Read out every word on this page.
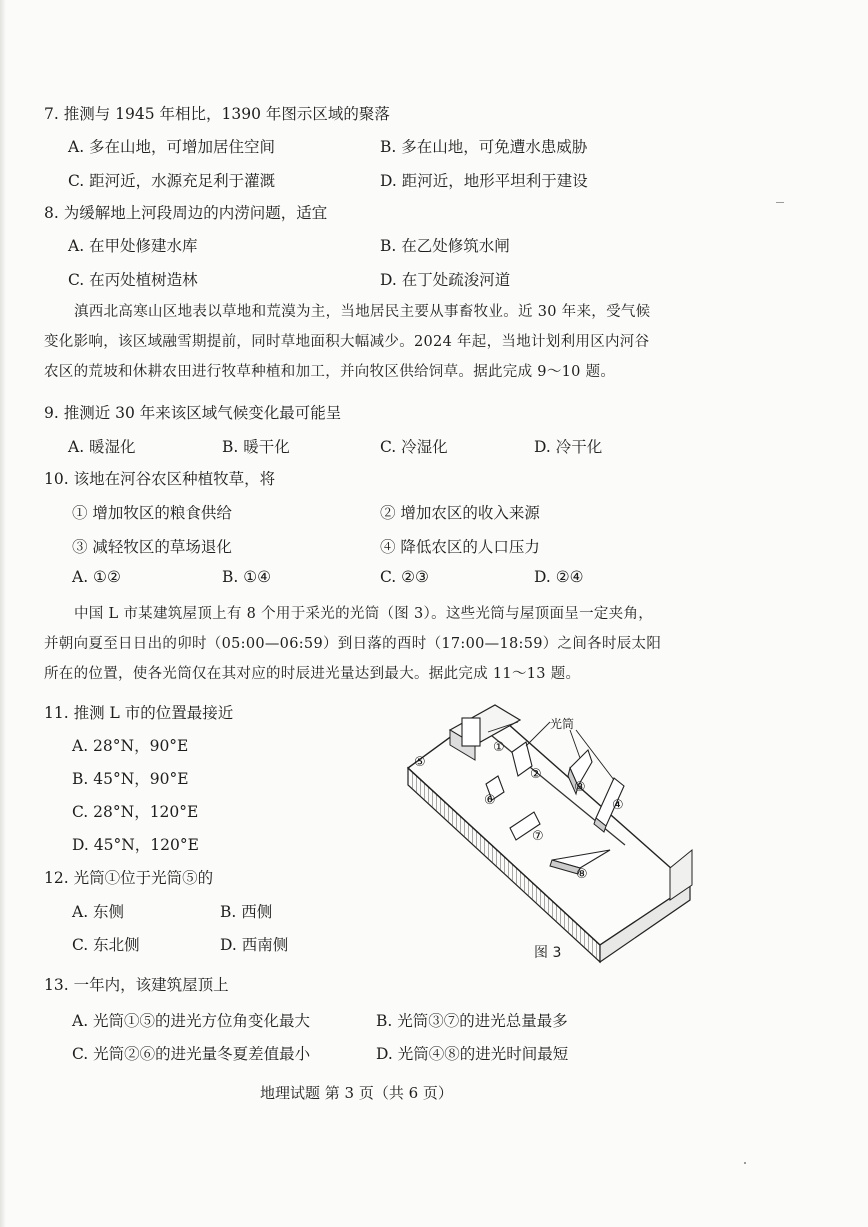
7. 推测与 1945 年相比，1390 年图示区域的聚落
A. 多在山地，可增加居住空间	B. 多在山地，可免遭水患威胁
C. 距河近，水源充足利于灌溉	D. 距河近，地形平坦利于建设
8. 为缓解地上河段周边的内涝问题，适宜
A. 在甲处修建水库	B. 在乙处修筑水闸
C. 在丙处植树造林	D. 在丁处疏浚河道
滇西北高寒山区地表以草地和荒漠为主，当地居民主要从事畜牧业。近 30 年来，受气候
变化影响，该区域融雪期提前，同时草地面积大幅减少。2024 年起，当地计划利用区内河谷
农区的荒坡和休耕农田进行牧草种植和加工，并向牧区供给饲草。据此完成 9～10 题。
9. 推测近 30 年来该区域气候变化最可能呈
A. 暖湿化	B. 暖干化	C. 冷湿化	D. 冷干化
10. 该地在河谷农区种植牧草，将
① 增加牧区的粮食供给	② 增加农区的收入来源
③ 减轻牧区的草场退化	④ 降低农区的人口压力
A. ①②	B. ①④	C. ②③	D. ②④
中国 L 市某建筑屋顶上有 8 个用于采光的光筒（图 3）。这些光筒与屋顶面呈一定夹角，
并朝向夏至日日出的卯时（05:00—06:59）到日落的酉时（17:00—18:59）之间各时辰太阳
所在的位置，使各光筒仅在其对应的时辰进光量达到最大。据此完成 11～13 题。
11. 推测 L 市的位置最接近
A. 28°N，90°E
B. 45°N，90°E
C. 28°N，120°E
D. 45°N，120°E
12. 光筒①位于光筒⑤的
A. 东侧	B. 西侧
C. 东北侧	D. 西南侧
光筒
①
②
③
④
⑤
⑥
⑦
⑧
图 3
13. 一年内，该建筑屋顶上
A. 光筒①⑤的进光方位角变化最大	B. 光筒③⑦的进光总量最多
C. 光筒②⑥的进光量冬夏差值最小	D. 光筒④⑧的进光时间最短
地理试题 第 3 页（共 6 页）
